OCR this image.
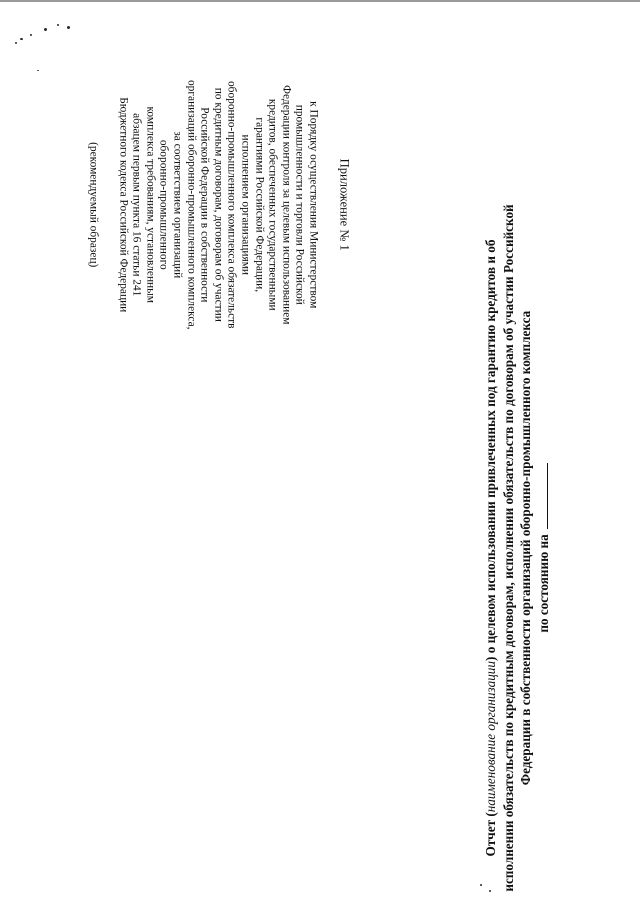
Приложение № 1
к Порядку осуществления Министерством
промышленности и торговли Российской
Федерации контроля за целевым использованием
кредитов, обеспеченных государственными
гарантиями Российской Федерации,
исполнением организациями
оборонно-промышленного комплекса обязательств
по кредитным договорам, договорам об участии
Российской Федерации в собственности
организаций оборонно-промышленного комплекса,
за соответствием организаций
оборонно-промышленного
комплекса требованиям, установленным
абзацем первым пункта 16 статьи 241
Бюджетного кодекса Российской Федерации
(рекомендуемый образец)
Отчет (наименование организации) о целевом использовании привлеченных под гарантию кредитов и об исполнении обязательств по кредитным договорам, исполнении обязательств по договорам об участии Российской Федерации в собственности организаций оборонно-промышленного комплекса по состоянию на
